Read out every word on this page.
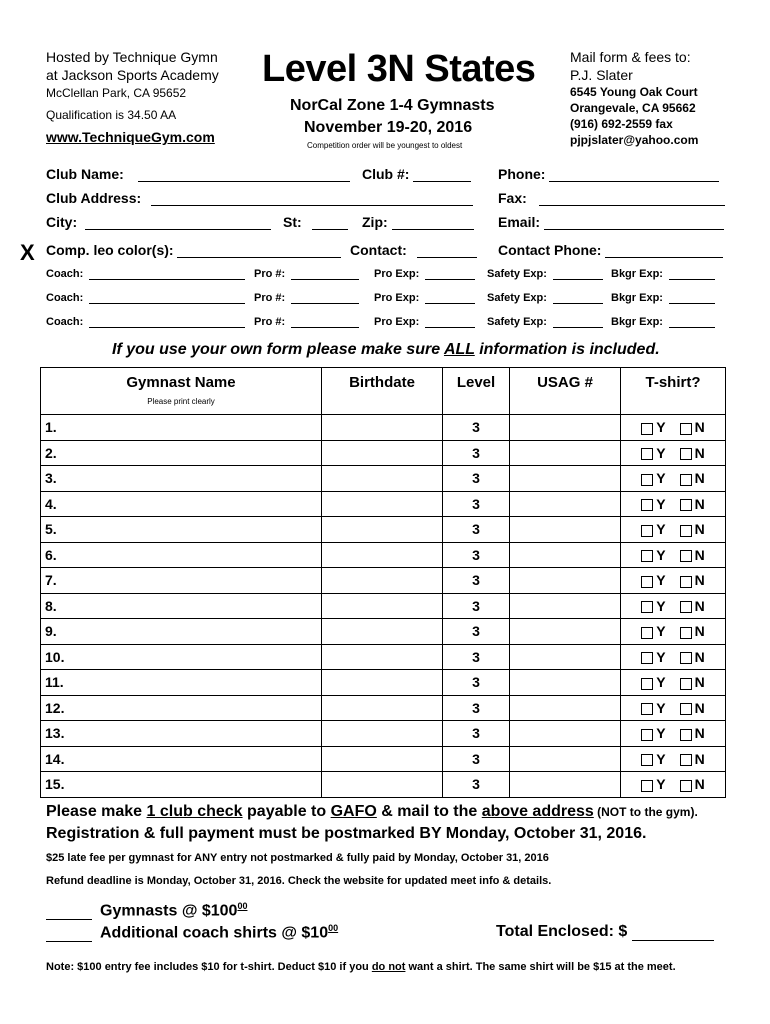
Hosted by Technique Gymn
at Jackson Sports Academy
McClellan Park, CA 95652
Qualification is 34.50 AA
www.TechniqueGym.com
Level 3N States
NorCal Zone 1-4 Gymnasts
November 19-20, 2016
Competition order will be youngest to oldest
Mail form & fees to:
P.J. Slater
6545 Young Oak Court
Orangevale, CA 95662
(916) 692-2559 fax
pjpjslater@yahoo.com
Club Name:	Club #:	Phone:
Club Address:	Fax:
City:	St:	Zip:	Email:
X Comp. leo color(s):	Contact:	Contact Phone:
Coach:	Pro #:	Pro Exp:	Safety Exp:	Bkgr Exp:
Coach:	Pro #:	Pro Exp:	Safety Exp:	Bkgr Exp:
Coach:	Pro #:	Pro Exp:	Safety Exp:	Bkgr Exp:
If you use your own form please make sure ALL information is included.
Gymnast Name
Please print clearly	Birthdate	Level	USAG #	T-shirt?
1.		3		Y N
2.		3		Y N
3.		3		Y N
4.		3		Y N
5.		3		Y N
6.		3		Y N
7.		3		Y N
8.		3		Y N
9.		3		Y N
10.		3		Y N
11.		3		Y N
12.		3		Y N
13.		3		Y N
14.		3		Y N
15.		3		Y N
Please make 1 club check payable to GAFO & mail to the above address (NOT to the gym).
Registration & full payment must be postmarked BY Monday, October 31, 2016.
$25 late fee per gymnast for ANY entry not postmarked & fully paid by Monday, October 31, 2016
Refund deadline is Monday, October 31, 2016. Check the website for updated meet info & details.
Gymnasts @ $\$100^{00}$
Additional coach shirts @ $\$10^{00}$	Total Enclosed: $
Note: $100 entry fee includes $10 for t-shirt. Deduct $10 if you do not want a shirt. The same shirt will be $15 at the meet.
